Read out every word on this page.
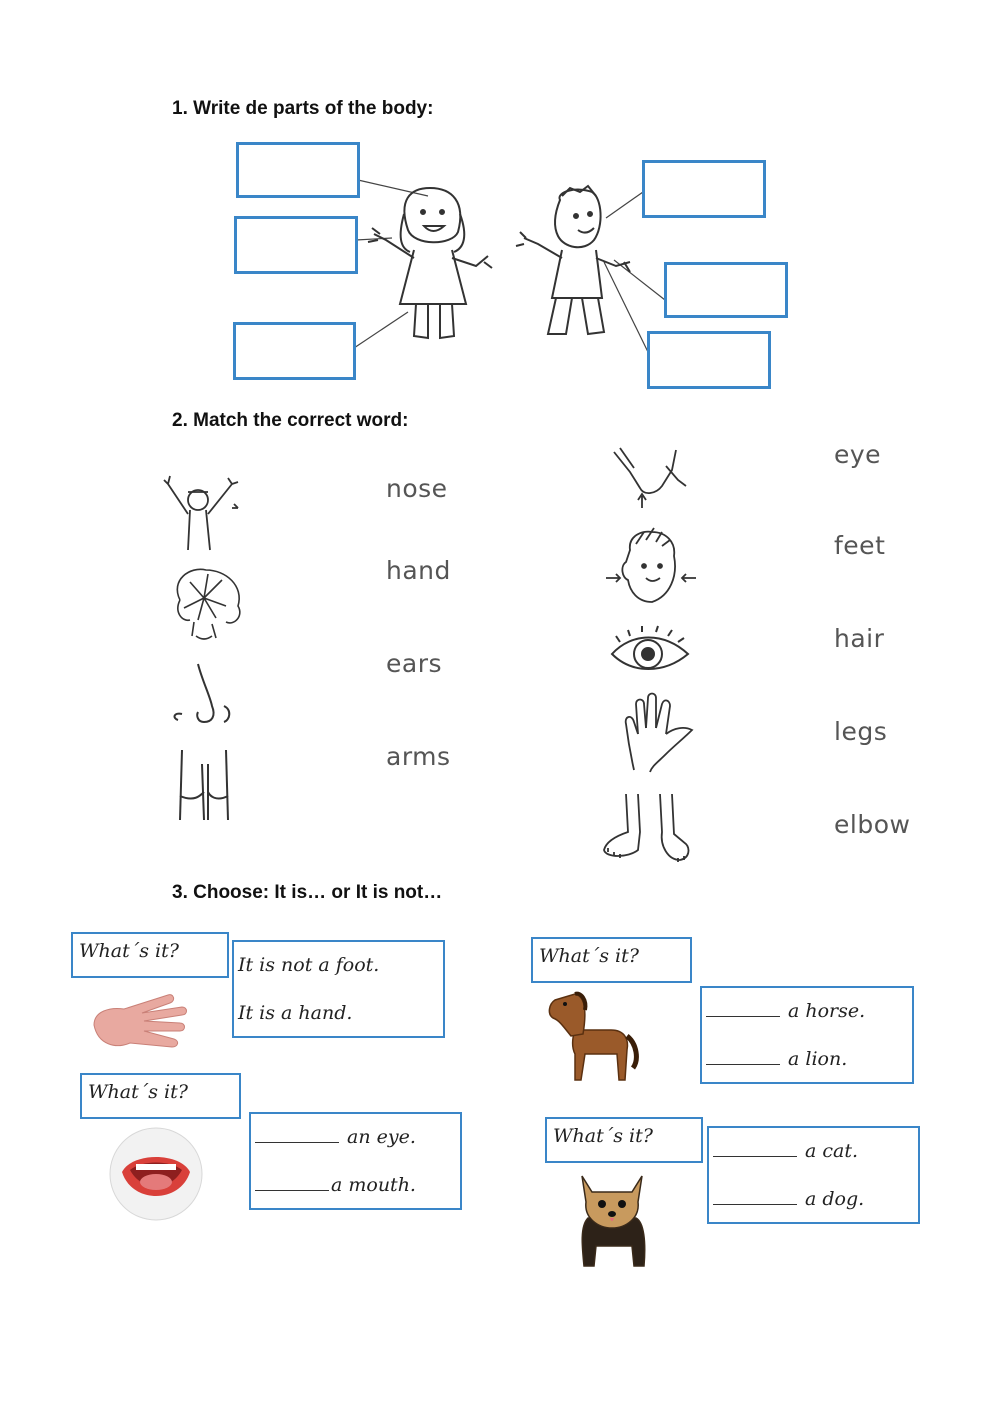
1. Write de parts of the body:
2. Match the correct word:
nose
hand
ears
arms
eye
feet
hair
legs
elbow
3. Choose: It is… or It is not…
What´s it?
It is not a foot.
It is a hand.
What´s it?
an eye.
a mouth.
What´s it?
a horse.
a lion.
What´s it?
a cat.
a dog.
